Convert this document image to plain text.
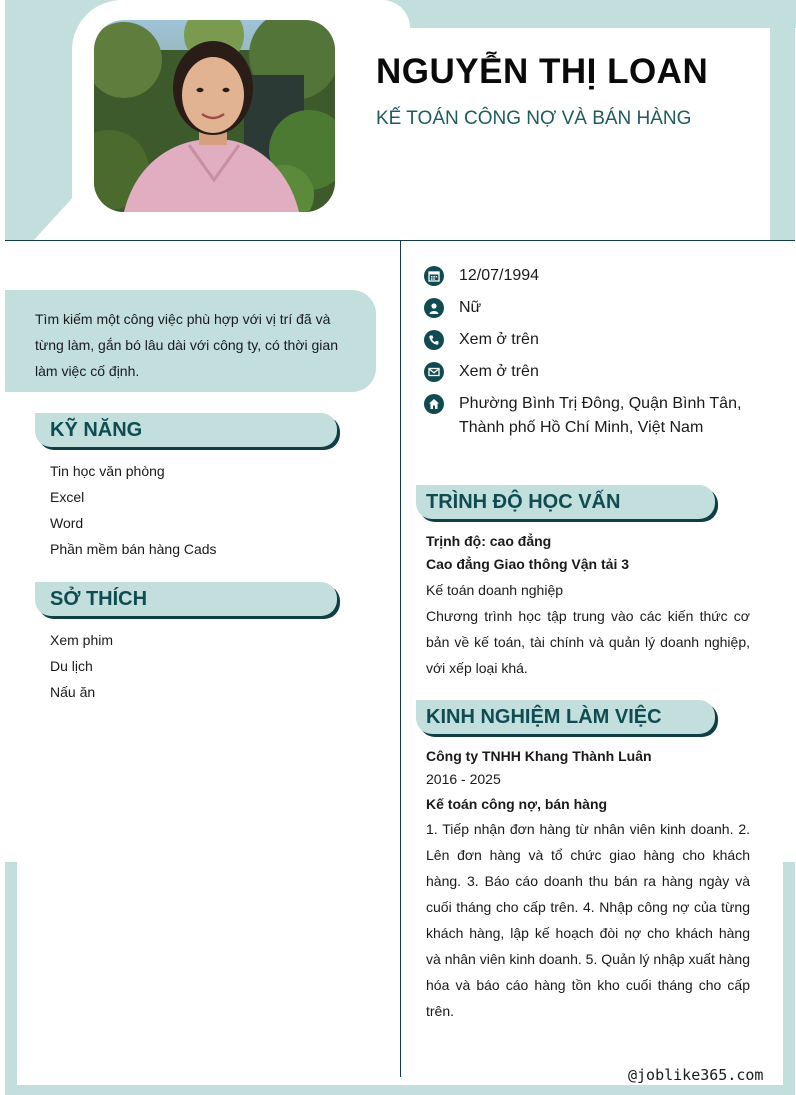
NGUYỄN THỊ LOAN
KẾ TOÁN CÔNG NỢ VÀ BÁN HÀNG
Tìm kiếm một công việc phù hợp với vị trí đã và từng làm, gắn bó lâu dài với công ty, có thời gian làm việc cố định.
KỸ NĂNG
Tin học văn phòng
Excel
Word
Phần mềm bán hàng Cads
SỞ THÍCH
Xem phim
Du lịch
Nấu ăn
12/07/1994
Nữ
Xem ở trên
Xem ở trên
Phường Bình Trị Đông, Quận Bình Tân, Thành phố Hồ Chí Minh, Việt Nam
TRÌNH ĐỘ HỌC VẤN
Trịnh độ: cao đẳng
Cao đẳng Giao thông Vận tải 3
Kế toán doanh nghiệp
Chương trình học tập trung vào các kiến thức cơ bản về kế toán, tài chính và quản lý doanh nghiệp, với xếp loại khá.
KINH NGHIỆM LÀM VIỆC
Công ty TNHH Khang Thành Luân
2016 - 2025
Kế toán công nợ, bán hàng
1. Tiếp nhận đơn hàng từ nhân viên kinh doanh. 2. Lên đơn hàng và tổ chức giao hàng cho khách hàng. 3. Báo cáo doanh thu bán ra hàng ngày và cuối tháng cho cấp trên. 4. Nhập công nợ của từng khách hàng, lập kế hoạch đòi nợ cho khách hàng và nhân viên kinh doanh. 5. Quản lý nhập xuất hàng hóa và báo cáo hàng tồn kho cuối tháng cho cấp trên.
@joblike365.com
